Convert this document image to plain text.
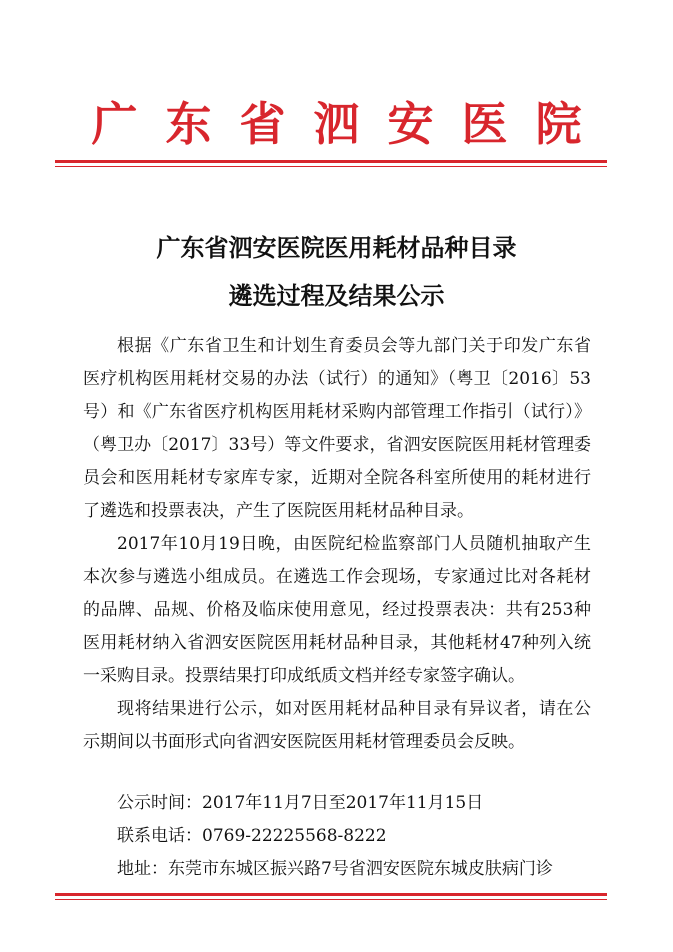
广东省泗安医院
广东省泗安医院医用耗材品种目录
遴选过程及结果公示

根据《广东省卫生和计划生育委员会等九部门关于印发广东省医疗机构医用耗材交易的办法（试行）的通知》（粤卫〔2016〕53号）和《广东省医疗机构医用耗材采购内部管理工作指引（试行）》（粤卫办〔2017〕33号）等文件要求，省泗安医院医用耗材管理委员会和医用耗材专家库专家，近期对全院各科室所使用的耗材进行了遴选和投票表决，产生了医院医用耗材品种目录。

2017年10月19日晚，由医院纪检监察部门人员随机抽取产生本次参与遴选小组成员。在遴选工作会现场，专家通过比对各耗材的品牌、品规、价格及临床使用意见，经过投票表决：共有253种医用耗材纳入省泗安医院医用耗材品种目录，其他耗材47种列入统一采购目录。投票结果打印成纸质文档并经专家签字确认。

现将结果进行公示，如对医用耗材品种目录有异议者，请在公示期间以书面形式向省泗安医院医用耗材管理委员会反映。

公示时间：2017年11月7日至2017年11月15日
联系电话：0769-22225568-8222
地址：东莞市东城区振兴路7号省泗安医院东城皮肤病门诊
